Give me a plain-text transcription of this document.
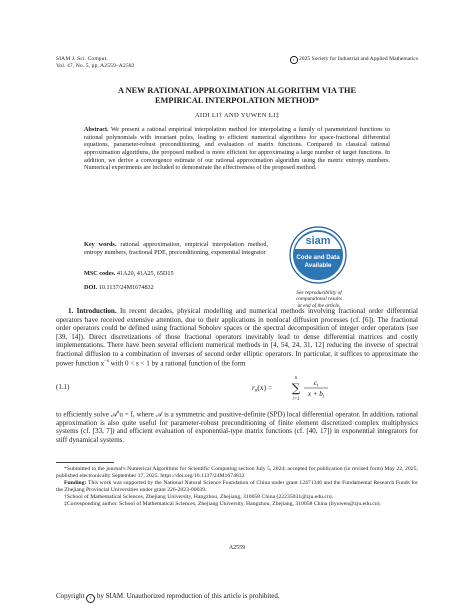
SIAM J. Sci. Comput.
Vol. 47, No. 5, pp. A2559–A2582
c 2025 Society for Industrial and Applied Mathematics
A NEW RATIONAL APPROXIMATION ALGORITHM VIA THE
EMPIRICAL INTERPOLATION METHOD*
AIDI LI† AND YUWEN LI‡
Abstract. We present a rational empirical interpolation method for interpolating a family of parametrized functions to rational polynomials with invariant poles, leading to efficient numerical algorithms for space-fractional differential equations, parameter-robust preconditioning, and evaluation of matrix functions. Compared to classical rational approximation algorithms, the proposed method is more efficient for approximating a large number of target functions. In addition, we derive a convergence estimate of our rational approximation algorithm using the metric entropy numbers. Numerical experiments are included to demonstrate the effectiveness of the proposed method.
Key words. rational approximation, empirical interpolation method, entropy numbers, fractional PDE, preconditioning, exponential integrator
MSC codes. 41A20, 41A25, 65D15
DOI. 10.1137/24M1674832
siam
Code and Data
Available
See reproducibility of
computational results
at end of the article.

1. Introduction. In recent decades, physical modelling and numerical methods involving fractional order differential operators have received extensive attention, due to their applications in nonlocal diffusion processes (cf. [6]). The fractional order operators could be defined using fractional Sobolev spaces or the spectral decomposition of integer order operators (see [39, 14]). Direct discretizations of those fractional operators inevitably lead to dense differential matrices and costly implementations. There have been several efficient numerical methods in [4, 54, 24, 31, 12] reducing the inverse of spectral fractional diffusion to a combination of inverses of second order elliptic operators. In particular, it suffices to approximate the power function $x^{-s}$ with 0 < s < 1 by a rational function of the form

(1.1)	$r_n(x)$ =
n
∑
i=1
$c_i$
$x + b_i$
to efficiently solve 𝒜$^s$u = f, where 𝒜 is a symmetric and positive-definite (SPD) local differential operator. In addition, rational approximation is also quite useful for parameter-robust preconditioning of finite element discretized complex multiphysics systems (cf. [33, 7]) and efficient evaluation of exponential-type matrix functions (cf. [40, 17]) in exponential integrators for stiff dynamical systems.

*Submitted to the journal's Numerical Algorithms for Scientific Computing section July 5, 2024; accepted for publication (in revised form) May 22, 2025; published electronically September 17, 2025. https://doi.org/10.1137/24M1674832

Funding: This work was supported by the National Natural Science Foundation of China under grant 12471346 and the Fundamental Research Funds for the Zhejiang Provincial Universities under grant 226-2023-00039.

†School of Mathematical Sciences, Zhejiang University, Hangzhou, Zhejiang, 310058 China (22235031@zju.edu.cn).

‡Corresponding author. School of Mathematical Sciences, Zhejiang University, Hangzhou, Zhejiang, 310058 China (liyuwen@zju.edu.cn).

A2559
Copyright c by SIAM. Unauthorized reproduction of this article is prohibited.
